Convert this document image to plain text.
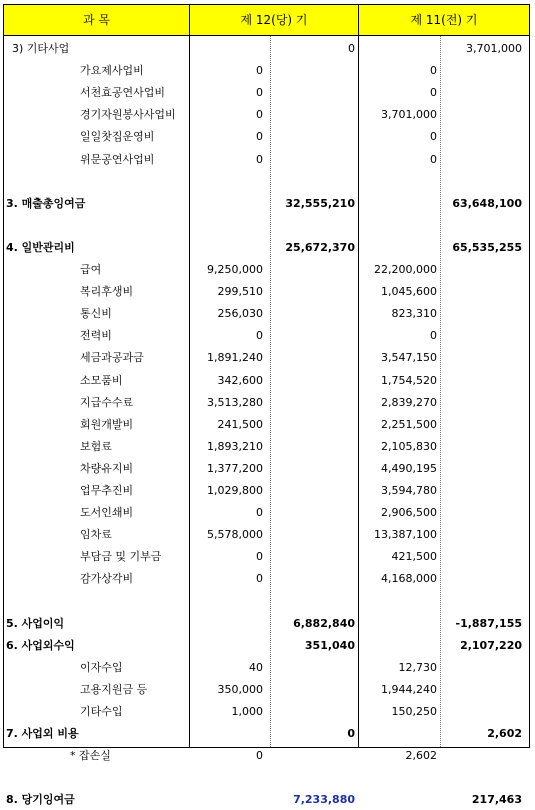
과 목	제 12(당) 기	제 11(전) 기
3) 기타사업	0	3,701,000
가요제사업비	0	0
서천효공연사업비	0	0
경기자원봉사사업비	0	3,701,000
일일찻집운영비	0	0
위문공연사업비	0	0
3. 매출총잉여금	32,555,210	63,648,100
4. 일반관리비	25,672,370	65,535,255
급여	9,250,000	22,200,000
복리후생비	299,510	1,045,600
통신비	256,030	823,310
전력비	0	0
세금과공과금	1,891,240	3,547,150
소모품비	342,600	1,754,520
지급수수료	3,513,280	2,839,270
회원개발비	241,500	2,251,500
보험료	1,893,210	2,105,830
차량유지비	1,377,200	4,490,195
업무추진비	1,029,800	3,594,780
도서인쇄비	0	2,906,500
임차료	5,578,000	13,387,100
부담금 및 기부금	0	421,500
감가상각비	0	4,168,000
5. 사업이익	6,882,840	-1,887,155
6. 사업외수익	351,040	2,107,220
이자수입	40	12,730
고용지원금 등	350,000	1,944,240
기타수입	1,000	150,250
7. 사업외 비용	0	2,602
* 잡손실	0	2,602
8. 당기잉여금	7,233,880	217,463
